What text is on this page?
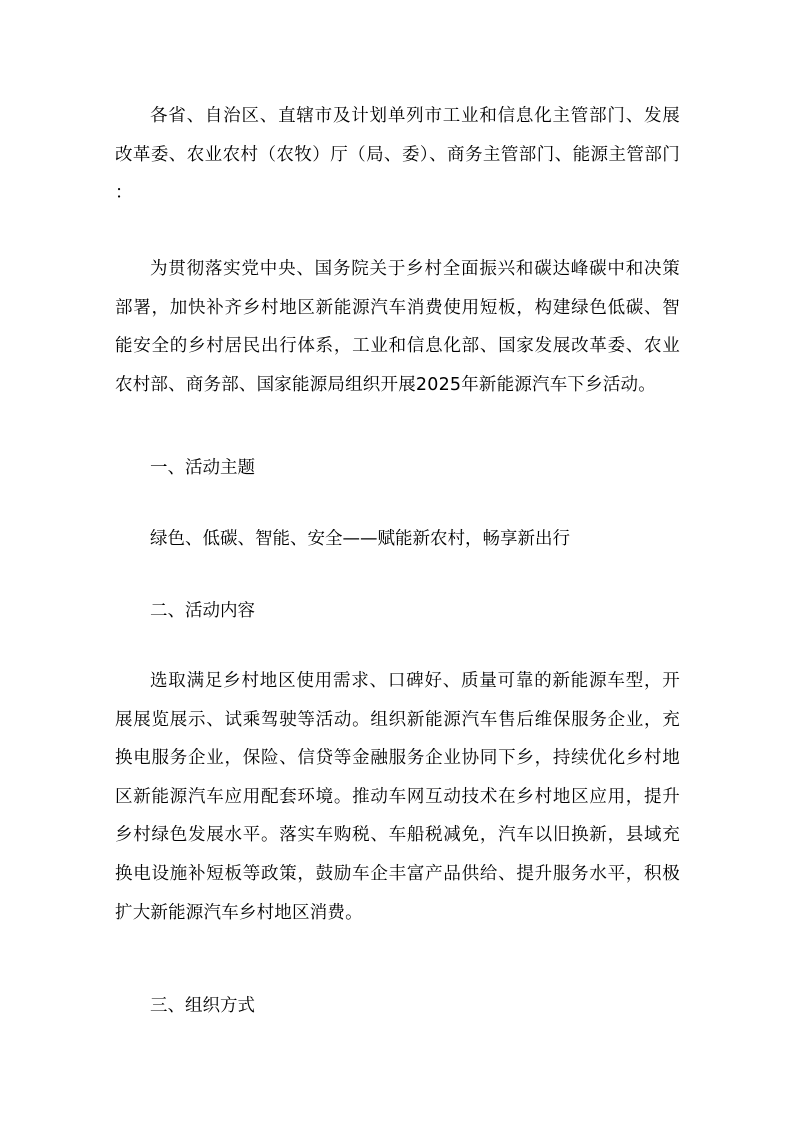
各省、自治区、直辖市及计划单列市工业和信息化主管部门、发展改革委、农业农村（农牧）厅（局、委）、商务主管部门、能源主管部门：

为贯彻落实党中央、国务院关于乡村全面振兴和碳达峰碳中和决策部署，加快补齐乡村地区新能源汽车消费使用短板，构建绿色低碳、智能安全的乡村居民出行体系，工业和信息化部、国家发展改革委、农业农村部、商务部、国家能源局组织开展2025年新能源汽车下乡活动。

一、活动主题

绿色、低碳、智能、安全——赋能新农村，畅享新出行

二、活动内容

选取满足乡村地区使用需求、口碑好、质量可靠的新能源车型，开展展览展示、试乘驾驶等活动。组织新能源汽车售后维保服务企业，充换电服务企业，保险、信贷等金融服务企业协同下乡，持续优化乡村地区新能源汽车应用配套环境。推动车网互动技术在乡村地区应用，提升乡村绿色发展水平。落实车购税、车船税减免，汽车以旧换新，县域充换电设施补短板等政策，鼓励车企丰富产品供给、提升服务水平，积极扩大新能源汽车乡村地区消费。

三、组织方式
